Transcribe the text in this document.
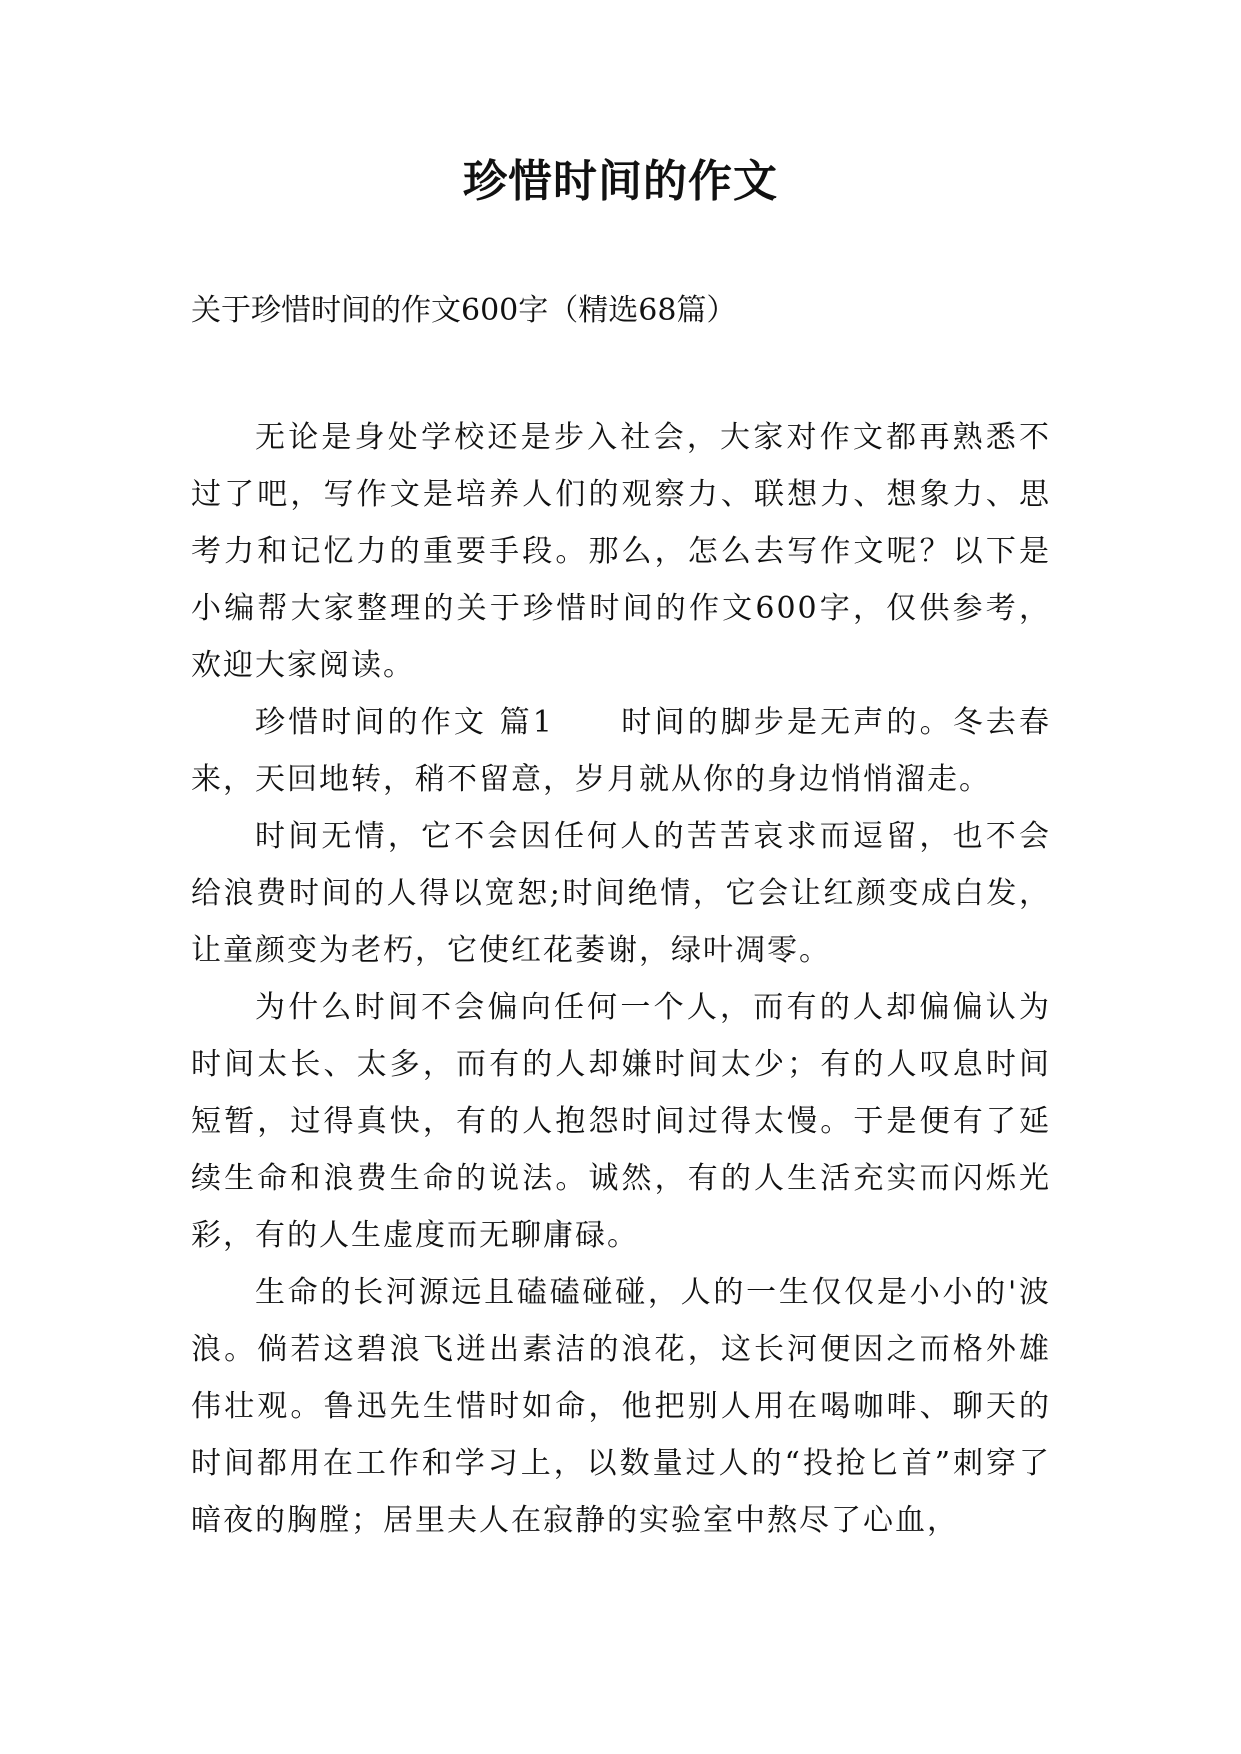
珍惜时间的作文
关于珍惜时间的作文600字（精选68篇）

无论是身处学校还是步入社会，大家对作文都再熟悉不过了吧，写作文是培养人们的观察力、联想力、想象力、思考力和记忆力的重要手段。那么，怎么去写作文呢？以下是小编帮大家整理的关于珍惜时间的作文600字，仅供参考，欢迎大家阅读。

珍惜时间的作文 篇1　　时间的脚步是无声的。冬去春来，天回地转，稍不留意，岁月就从你的身边悄悄溜走。

时间无情，它不会因任何人的苦苦哀求而逗留，也不会给浪费时间的人得以宽恕;时间绝情，它会让红颜变成白发，让童颜变为老朽，它使红花萎谢，绿叶凋零。

为什么时间不会偏向任何一个人，而有的人却偏偏认为时间太长、太多，而有的人却嫌时间太少；有的人叹息时间短暂，过得真快，有的人抱怨时间过得太慢。于是便有了延续生命和浪费生命的说法。诚然，有的人生活充实而闪烁光彩，有的人生虚度而无聊庸碌。

生命的长河源远且磕磕碰碰，人的一生仅仅是小小的'波浪。倘若这碧浪飞迸出素洁的浪花，这长河便因之而格外雄伟壮观。鲁迅先生惜时如命，他把别人用在喝咖啡、聊天的时间都用在工作和学习上，以数量过人的“投抢匕首”刺穿了暗夜的胸膛；居里夫人在寂静的实验室中熬尽了心血，
